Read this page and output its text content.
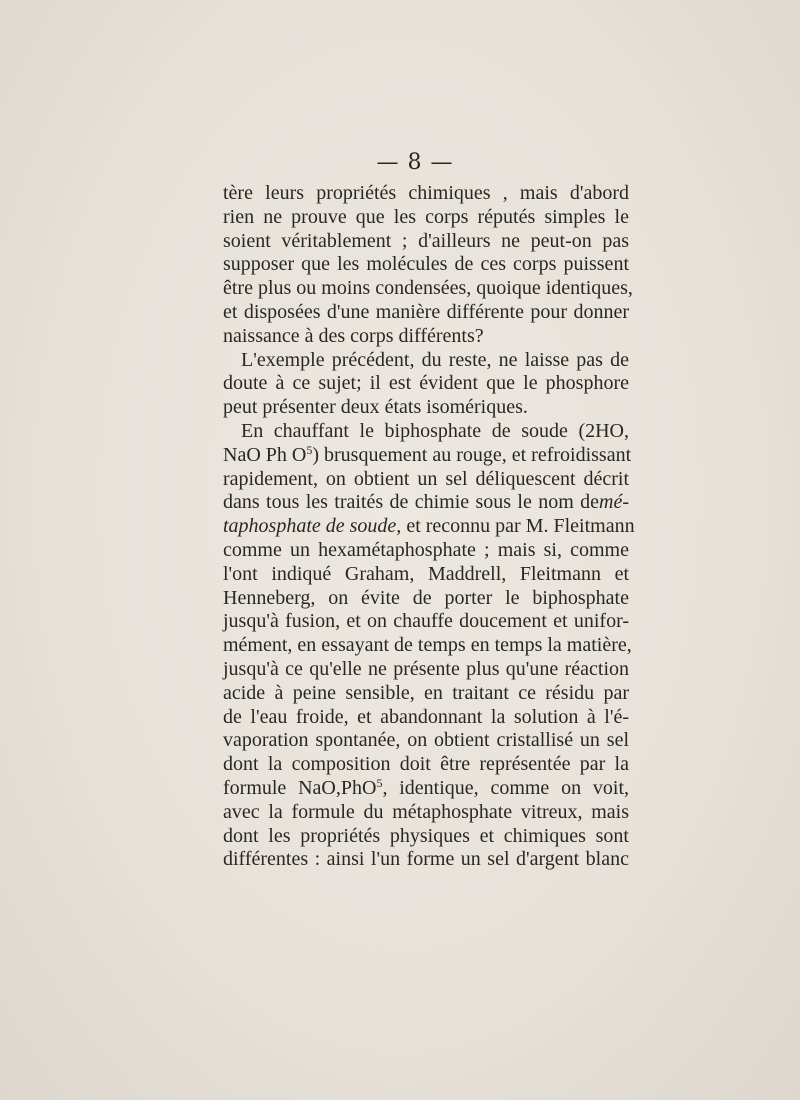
— 8 —
tère leurs propriétés chimiques , mais d'abord
rien ne prouve que les corps réputés simples le
soient véritablement ; d'ailleurs ne peut-on pas
supposer que les molécules de ces corps puissent
être plus ou moins condensées, quoique identiques,
et disposées d'une manière différente pour donner
naissance à des corps différents?
L'exemple précédent, du reste, ne laisse pas de
doute à ce sujet; il est évident que le phosphore
peut présenter deux états isomériques.
En chauffant le biphosphate de soude (2HO,
NaO Ph $O^5$) brusquement au rouge, et refroidissant
rapidement, on obtient un sel déliquescent décrit
dans tous les traités de chimie sous le nom demé-
taphosphate de soude, et reconnu par M. Fleitmann
comme un hexamétaphosphate ; mais si, comme
l'ont indiqué Graham, Maddrell, Fleitmann et
Henneberg, on évite de porter le biphosphate
jusqu'à fusion, et on chauffe doucement et unifor-
mément, en essayant de temps en temps la matière,
jusqu'à ce qu'elle ne présente plus qu'une réaction
acide à peine sensible, en traitant ce résidu par
de l'eau froide, et abandonnant la solution à l'é-
vaporation spontanée, on obtient cristallisé un sel
dont la composition doit être représentée par la
formule NaO,PhO$^5$, identique, comme on voit,
avec la formule du métaphosphate vitreux, mais
dont les propriétés physiques et chimiques sont
différentes : ainsi l'un forme un sel d'argent blanc
